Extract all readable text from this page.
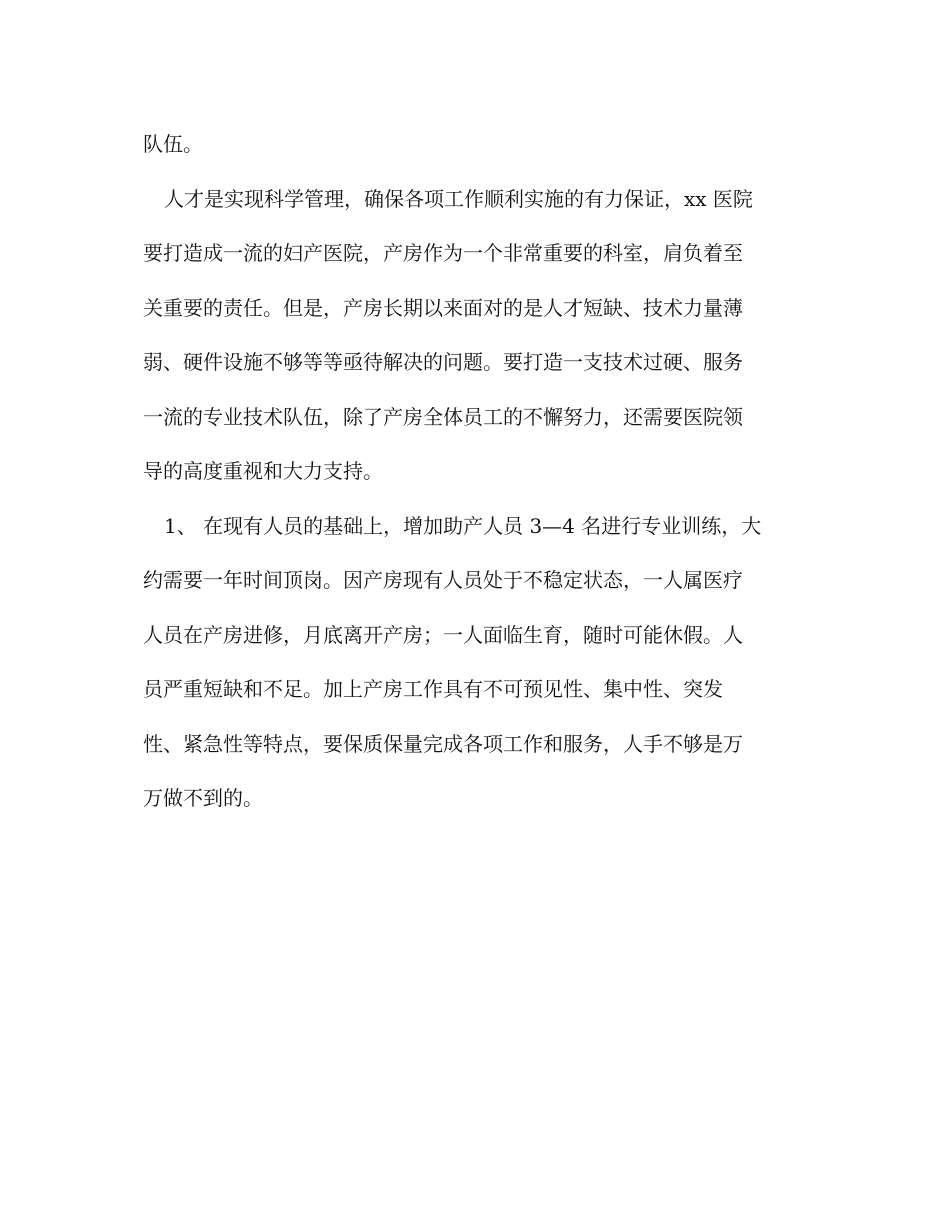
队伍。
人才是实现科学管理，确保各项工作顺利实施的有力保证，xx 医院
要打造成一流的妇产医院，产房作为一个非常重要的科室，肩负着至
关重要的责任。但是，产房长期以来面对的是人才短缺、技术力量薄
弱、硬件设施不够等等亟待解决的问题。要打造一支技术过硬、服务
一流的专业技术队伍，除了产房全体员工的不懈努力，还需要医院领
导的高度重视和大力支持。
1、 在现有人员的基础上，增加助产人员 3—4 名进行专业训练，大
约需要一年时间顶岗。因产房现有人员处于不稳定状态，一人属医疗
人员在产房进修，月底离开产房；一人面临生育，随时可能休假。人
员严重短缺和不足。加上产房工作具有不可预见性、集中性、突发
性、紧急性等特点，要保质保量完成各项工作和服务，人手不够是万
万做不到的。
